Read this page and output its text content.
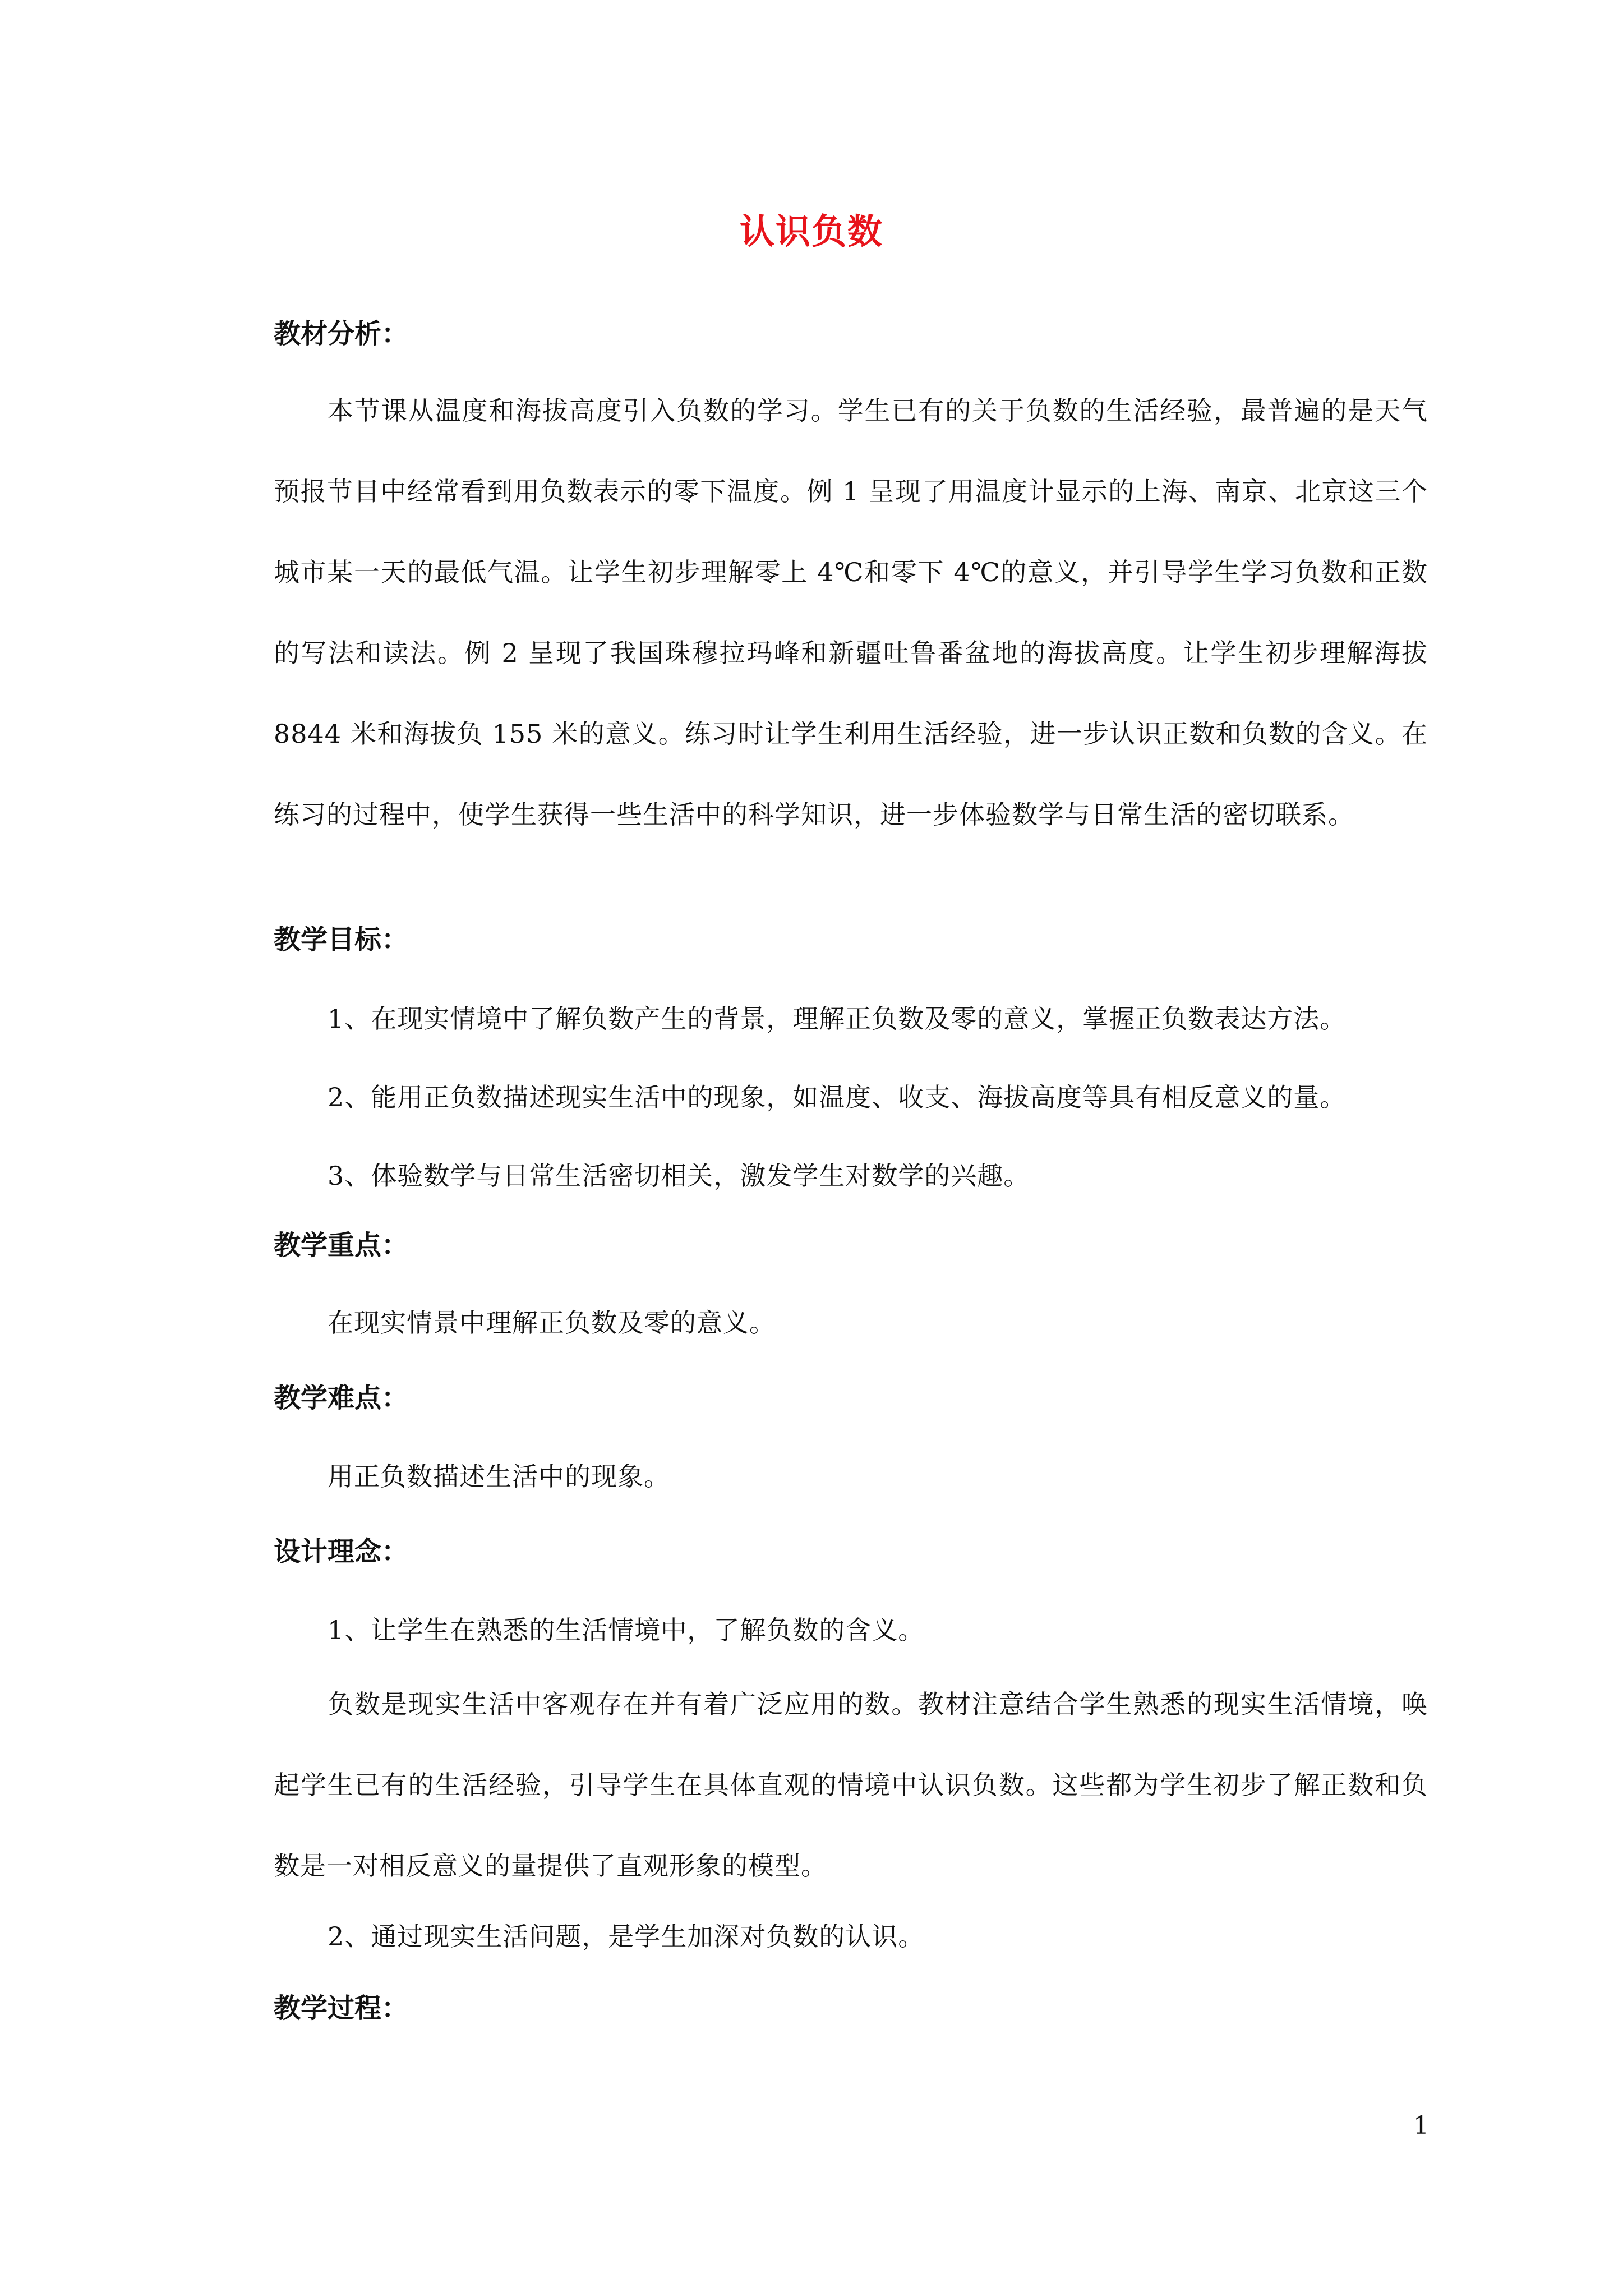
认识负数
教材分析：
本节课从温度和海拔高度引入负数的学习。学生已有的关于负数的生活经验，最普遍的是天气预报节目中经常看到用负数表示的零下温度。例 1 呈现了用温度计显示的上海、南京、北京这三个城市某一天的最低气温。让学生初步理解零上 4℃和零下 4℃的意义，并引导学生学习负数和正数的写法和读法。例 2 呈现了我国珠穆拉玛峰和新疆吐鲁番盆地的海拔高度。让学生初步理解海拔 8844 米和海拔负 155 米的意义。练习时让学生利用生活经验，进一步认识正数和负数的含义。在练习的过程中，使学生获得一些生活中的科学知识，进一步体验数学与日常生活的密切联系。
教学目标：
1、在现实情境中了解负数产生的背景，理解正负数及零的意义，掌握正负数表达方法。
2、能用正负数描述现实生活中的现象，如温度、收支、海拔高度等具有相反意义的量。
3、体验数学与日常生活密切相关，激发学生对数学的兴趣。
教学重点：
在现实情景中理解正负数及零的意义。
教学难点：
用正负数描述生活中的现象。
设计理念：
1、让学生在熟悉的生活情境中，了解负数的含义。
负数是现实生活中客观存在并有着广泛应用的数。教材注意结合学生熟悉的现实生活情境，唤起学生已有的生活经验，引导学生在具体直观的情境中认识负数。这些都为学生初步了解正数和负数是一对相反意义的量提供了直观形象的模型。
2、通过现实生活问题，是学生加深对负数的认识。
教学过程：
1
